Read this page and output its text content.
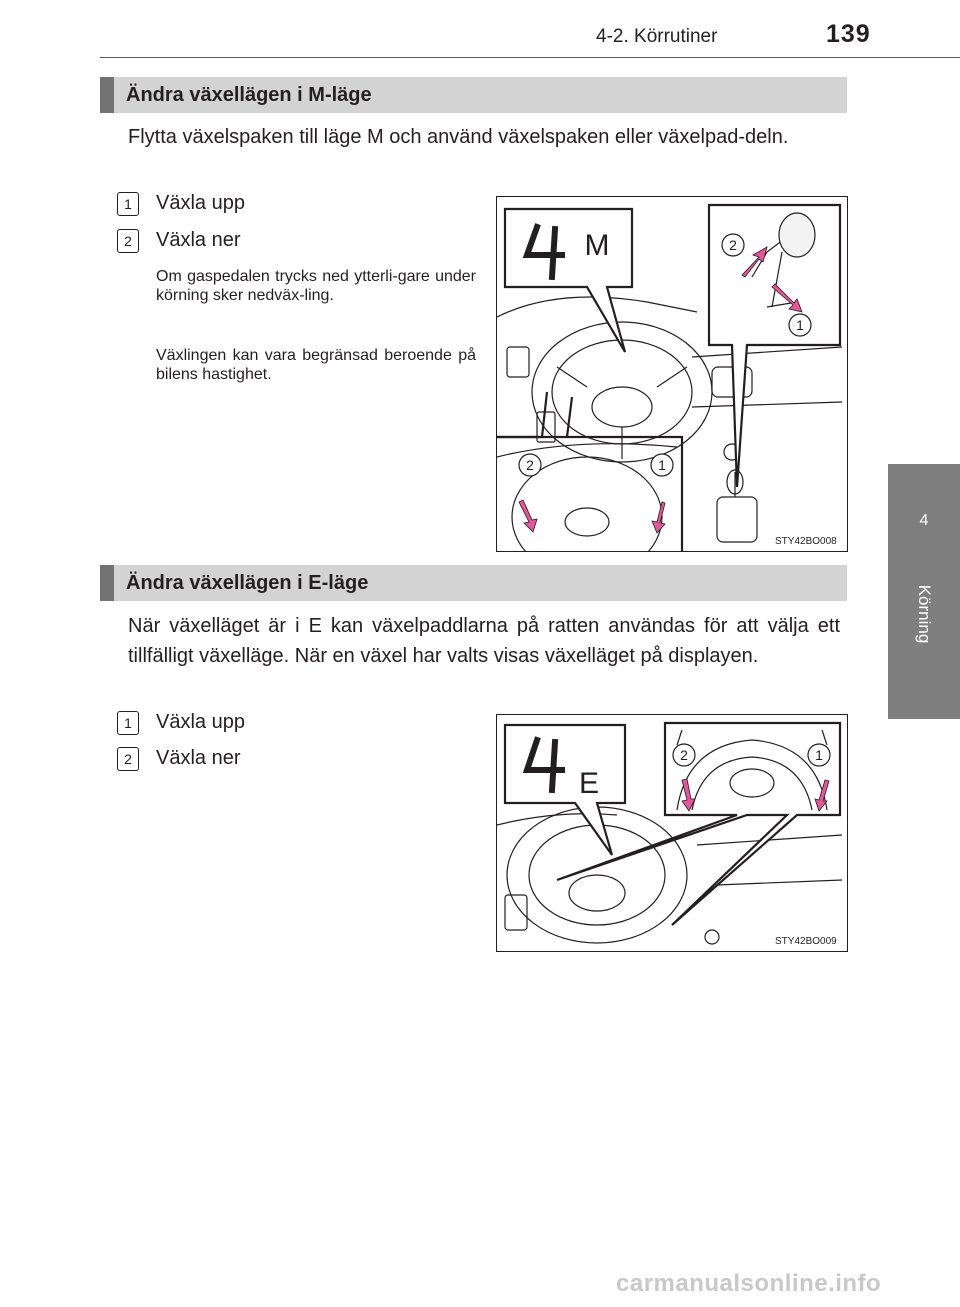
4-2. Körrutiner	139
4
Körning
Ändra växellägen i M-läge
Flytta växelspaken till läge M och använd växelspaken eller växelpad-deln.
1	Växla upp
2	Växla ner
Om gaspedalen trycks ned ytterli-gare under körning sker nedväx-ling.
Växlingen kan vara begränsad beroende på bilens hastighet.
M	2
1
2	1
STY42BO008
Ändra växellägen i E-läge
När växelläget är i E kan växelpaddlarna på ratten användas för att välja ett tillfälligt växelläge. När en växel har valts visas växelläget på displayen.
1	Växla upp
2	Växla ner
E
2	1
STY42BO009
carmanualsonline.info
